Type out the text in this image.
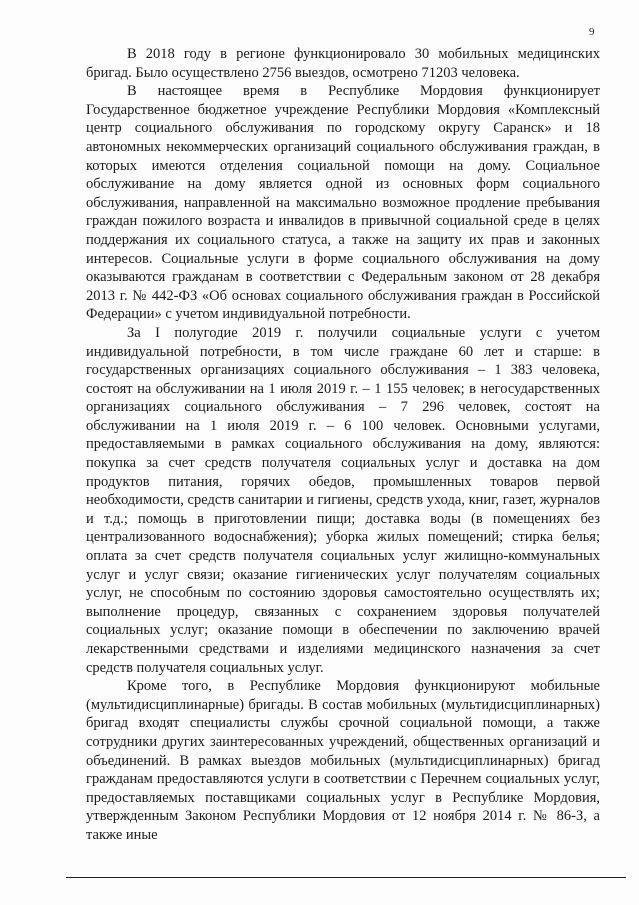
9

В 2018 году в регионе функционировало 30 мобильных медицинских бригад. Было осуществлено 2756 выездов, осмотрено 71203 человека.

В настоящее время в Республике Мордовия функционирует Государственное бюджетное учреждение Республики Мордовия «Комплексный центр социального обслуживания по городскому округу Саранск» и 18 автономных некоммерческих организаций социального обслуживания граждан, в которых имеются отделения социальной помощи на дому. Социальное обслуживание на дому является одной из основных форм социального обслуживания, направленной на максимально возможное продление пребывания граждан пожилого возраста и инвалидов в привычной социальной среде в целях поддержания их социального статуса, а также на защиту их прав и законных интересов. Социальные услуги в форме социального обслуживания на дому оказываются гражданам в соответствии с Федеральным законом от 28 декабря 2013 г. № 442-ФЗ «Об основах социального обслуживания граждан в Российской Федерации» с учетом индивидуальной потребности.

За I полугодие 2019 г. получили социальные услуги с учетом индивидуальной потребности, в том числе граждане 60 лет и старше: в государственных организациях социального обслуживания – 1 383 человека, состоят на обслуживании на 1 июля 2019 г. – 1 155 человек; в негосударственных организациях социального обслуживания – 7 296 человек, состоят на обслуживании на 1 июля 2019 г. – 6 100 человек. Основными услугами, предоставляемыми в рамках социального обслуживания на дому, являются: покупка за счет средств получателя социальных услуг и доставка на дом продуктов питания, горячих обедов, промышленных товаров первой необходимости, средств санитарии и гигиены, средств ухода, книг, газет, журналов и т.д.; помощь в приготовлении пищи; доставка воды (в помещениях без централизованного водоснабжения); уборка жилых помещений; стирка белья; оплата за счет средств получателя социальных услуг жилищно-коммунальных услуг и услуг связи; оказание гигиенических услуг получателям социальных услуг, не способным по состоянию здоровья самостоятельно осуществлять их; выполнение процедур, связанных с сохранением здоровья получателей социальных услуг; оказание помощи в обеспечении по заключению врачей лекарственными средствами и изделиями медицинского назначения за счет средств получателя социальных услуг.

Кроме того, в Республике Мордовия функционируют мобильные (мультидисциплинарные) бригады. В состав мобильных (мультидисциплинарных) бригад входят специалисты службы срочной социальной помощи, а также сотрудники других заинтересованных учреждений, общественных организаций и объединений. В рамках выездов мобильных (мультидисциплинарных) бригад гражданам предоставляются услуги в соответствии с Перечнем социальных услуг, предоставляемых поставщиками социальных услуг в Республике Мордовия, утвержденным Законом Республики Мордовия от 12 ноября 2014 г. № 86-З, а также иные
